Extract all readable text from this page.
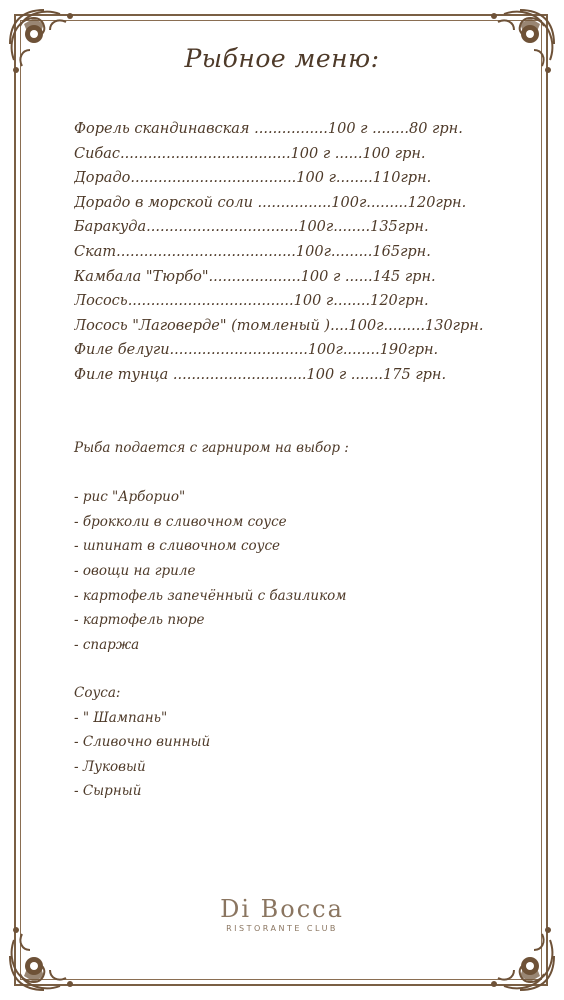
Рыбное меню:
Форель скандинавская ................100 г ........80 грн.
Сибас.....................................100 г ......100 грн.
Дорадо....................................100 г........110грн.
Дорадо в морской соли ................100г.........120грн.
Баракуда.................................100г........135грн.
Скат.......................................100г.........165грн.
Камбала "Тюрбо"....................100 г ......145 грн.
Лосось....................................100 г........120грн.
Лосось "Лаговерде" (томленый )....100г.........130грн.
Филе белуги..............................100г........190грн.
Филе тунца .............................100 г .......175 грн.
Рыба подается с гарниром на выбор :
- рис "Арборио"
- брокколи в сливочном соусе
- шпинат в сливочном соусе
- овощи на гриле
- картофель запечённый с базиликом
- картофель пюре
- спаржа
Соуса:
- " Шампань"
- Сливочно винный
- Луковый
- Сырный
Di Bocca
RISTORANTE CLUB
